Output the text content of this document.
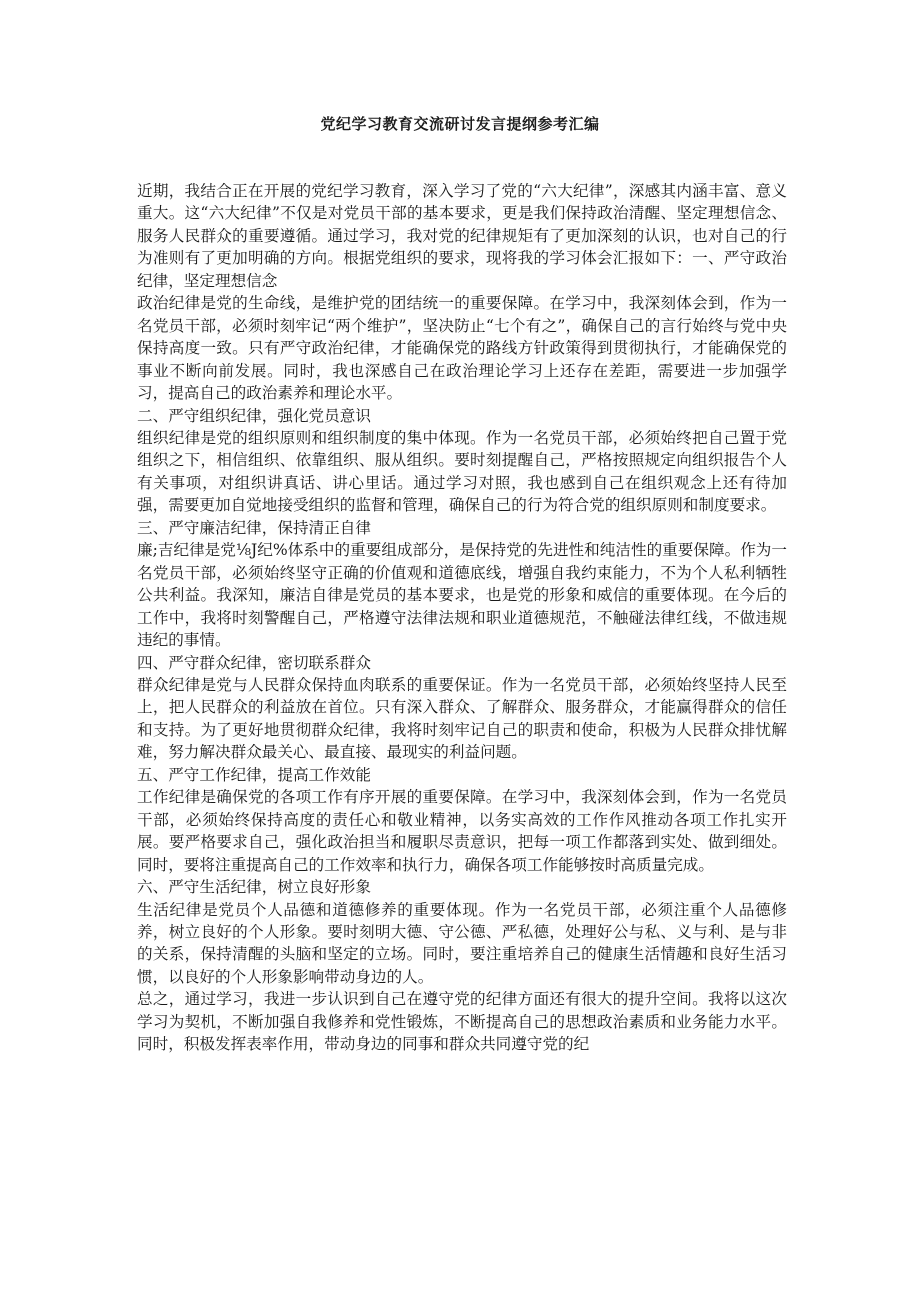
党纪学习教育交流研讨发言提纲参考汇编

近期，我结合正在开展的党纪学习教育，深入学习了党的“六大纪律”，深感其内涵丰富、意义重大。这“六大纪律”不仅是对党员干部的基本要求，更是我们保持政治清醒、坚定理想信念、服务人民群众的重要遵循。通过学习，我对党的纪律规矩有了更加深刻的认识，也对自己的行为准则有了更加明确的方向。根据党组织的要求，现将我的学习体会汇报如下：一、严守政治纪律，坚定理想信念

政治纪律是党的生命线，是维护党的团结统一的重要保障。在学习中，我深刻体会到，作为一名党员干部，必须时刻牢记“两个维护”，坚决防止“七个有之”，确保自己的言行始终与党中央保持高度一致。只有严守政治纪律，才能确保党的路线方针政策得到贯彻执行，才能确保党的事业不断向前发展。同时，我也深感自己在政治理论学习上还存在差距，需要进一步加强学习，提高自己的政治素养和理论水平。

二、严守组织纪律，强化党员意识

组织纪律是党的组织原则和组织制度的集中体现。作为一名党员干部，必须始终把自己置于党组织之下，相信组织、依靠组织、服从组织。要时刻提醒自己，严格按照规定向组织报告个人有关事项，对组织讲真话、讲心里话。通过学习对照，我也感到自己在组织观念上还有待加强，需要更加自觉地接受组织的监督和管理，确保自己的行为符合党的组织原则和制度要求。

三、严守廉洁纪律，保持清正自律

廉;吉纪律是党⅛J纪%体系中的重要组成部分，是保持党的先进性和纯洁性的重要保障。作为一名党员干部，必须始终坚守正确的价值观和道德底线，增强自我约束能力，不为个人私利牺牲公共利益。我深知，廉洁自律是党员的基本要求，也是党的形象和威信的重要体现。在今后的工作中，我将时刻警醒自己，严格遵守法律法规和职业道德规范，不触碰法律红线，不做违规违纪的事情。

四、严守群众纪律，密切联系群众

群众纪律是党与人民群众保持血肉联系的重要保证。作为一名党员干部，必须始终坚持人民至上，把人民群众的利益放在首位。只有深入群众、了解群众、服务群众，才能赢得群众的信任和支持。为了更好地贯彻群众纪律，我将时刻牢记自己的职责和使命，积极为人民群众排忧解难，努力解决群众最关心、最直接、最现实的利益问题。

五、严守工作纪律，提高工作效能

工作纪律是确保党的各项工作有序开展的重要保障。在学习中，我深刻体会到，作为一名党员干部，必须始终保持高度的责任心和敬业精神，以务实高效的工作作风推动各项工作扎实开展。要严格要求自己，强化政治担当和履职尽责意识，把每一项工作都落到实处、做到细处。同时，要将注重提高自己的工作效率和执行力，确保各项工作能够按时高质量完成。

六、严守生活纪律，树立良好形象

生活纪律是党员个人品德和道德修养的重要体现。作为一名党员干部，必须注重个人品德修养，树立良好的个人形象。要时刻明大德、守公德、严私德，处理好公与私、义与利、是与非的关系，保持清醒的头脑和坚定的立场。同时，要注重培养自己的健康生活情趣和良好生活习惯，以良好的个人形象影响带动身边的人。

总之，通过学习，我进一步认识到自己在遵守党的纪律方面还有很大的提升空间。我将以这次学习为契机，不断加强自我修养和党性锻炼，不断提高自己的思想政治素质和业务能力水平。同时，积极发挥表率作用，带动身边的同事和群众共同遵守党的纪
